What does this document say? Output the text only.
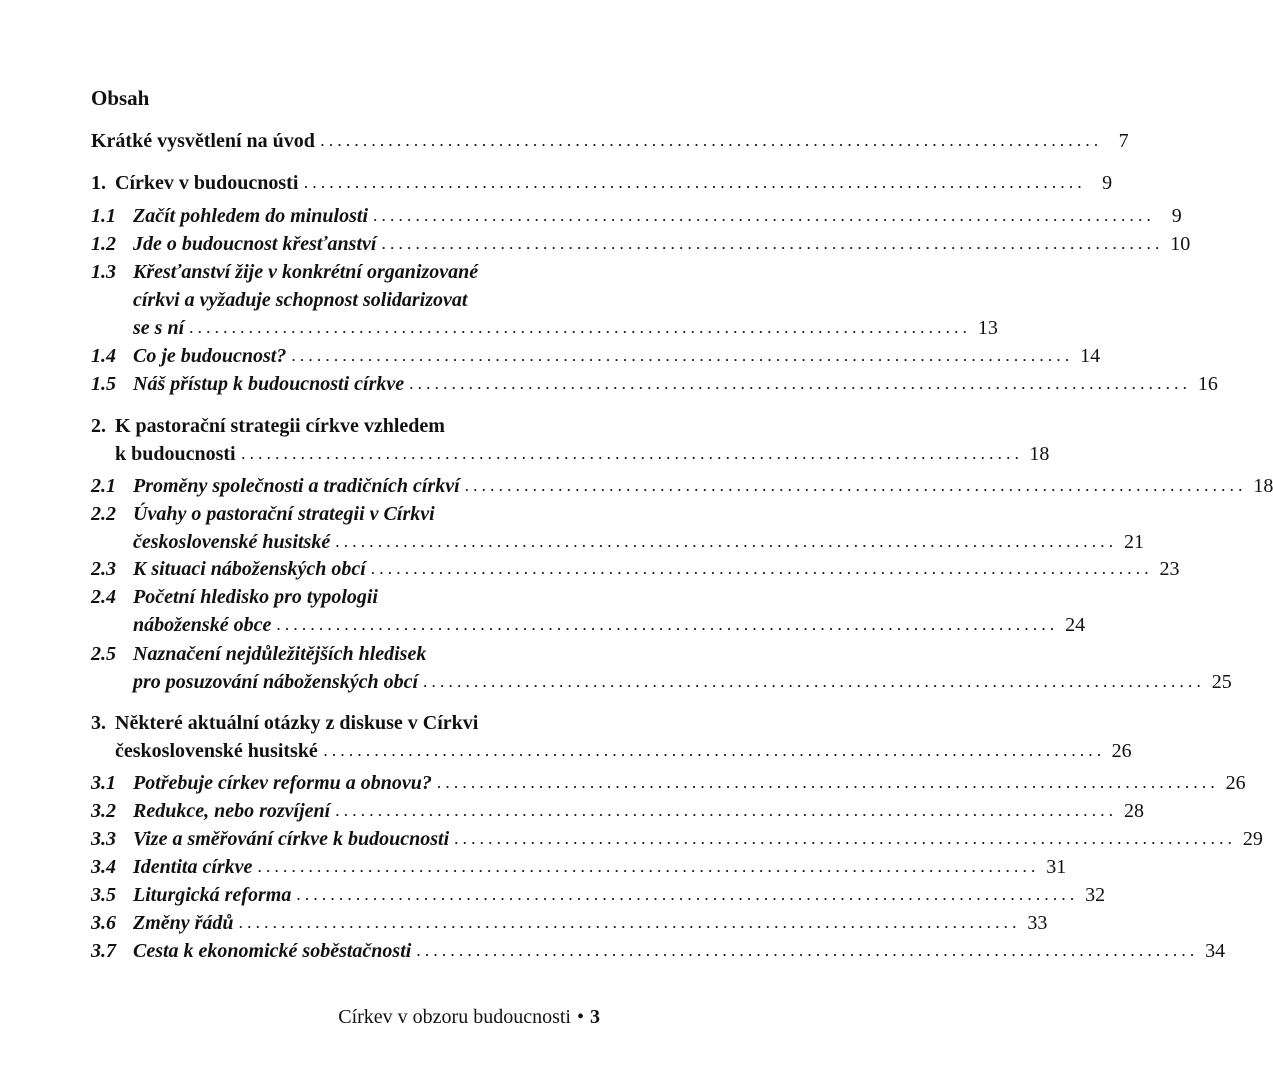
Obsah
Krátké vysvětlení na úvod . . . . . . . . . . . . . . . . . . . . . . . . . . . . . . . . . . . . . . . . . . . . . . . . . . . . . . . . . . . . . . . . . . . . . . . . . . . . . . . . . . . . . . . . . . . .	7
1. Církev v budoucnosti . . . . . . . . . . . . . . . . . . . . . . . . . . . . . . . . . . . . . . . . . . . . . . . . . . . . . . . . . . . . . . . . . . . . . . . . . . . . . . . . . . . . . . . . . . . .	9
1.1 Začít pohledem do minulosti . . . . . . . . . . . . . . . . . . . . . . . . . . . . . . . . . . . . . . . . . . . . . . . . . . . . . . . . . . . . . . . . . . . . . . . . . . . . . . . . . . . . . . . . . . . .	9
1.2 Jde o budoucnost křesťanství . . . . . . . . . . . . . . . . . . . . . . . . . . . . . . . . . . . . . . . . . . . . . . . . . . . . . . . . . . . . . . . . . . . . . . . . . . . . . . . . . . . . . . . . . . . . 10
1.3 Křesťanství žije v konkrétní organizované
církvi a vyžaduje schopnost solidarizovat
se s ní . . . . . . . . . . . . . . . . . . . . . . . . . . . . . . . . . . . . . . . . . . . . . . . . . . . . . . . . . . . . . . . . . . . . . . . . . . . . . . . . . . . . . . . . . . . . 13
1.4 Co je budoucnost? . . . . . . . . . . . . . . . . . . . . . . . . . . . . . . . . . . . . . . . . . . . . . . . . . . . . . . . . . . . . . . . . . . . . . . . . . . . . . . . . . . . . . . . . . . . . 14
1.5 Náš přístup k budoucnosti církve . . . . . . . . . . . . . . . . . . . . . . . . . . . . . . . . . . . . . . . . . . . . . . . . . . . . . . . . . . . . . . . . . . . . . . . . . . . . . . . . . . . . . . . . . . . . 16
2. K pastorační strategii církve vzhledem
k budoucnosti . . . . . . . . . . . . . . . . . . . . . . . . . . . . . . . . . . . . . . . . . . . . . . . . . . . . . . . . . . . . . . . . . . . . . . . . . . . . . . . . . . . . . . . . . . . . 18
2.1 Proměny společnosti a tradičních církví . . . . . . . . . . . . . . . . . . . . . . . . . . . . . . . . . . . . . . . . . . . . . . . . . . . . . . . . . . . . . . . . . . . . . . . . . . . . . . . . . . . . . . . . . . . . 18
2.2 Úvahy o pastorační strategii v Církvi
československé husitské . . . . . . . . . . . . . . . . . . . . . . . . . . . . . . . . . . . . . . . . . . . . . . . . . . . . . . . . . . . . . . . . . . . . . . . . . . . . . . . . . . . . . . . . . . . . 21
2.3 K situaci náboženských obcí . . . . . . . . . . . . . . . . . . . . . . . . . . . . . . . . . . . . . . . . . . . . . . . . . . . . . . . . . . . . . . . . . . . . . . . . . . . . . . . . . . . . . . . . . . . . 23
2.4 Početní hledisko pro typologii
náboženské obce . . . . . . . . . . . . . . . . . . . . . . . . . . . . . . . . . . . . . . . . . . . . . . . . . . . . . . . . . . . . . . . . . . . . . . . . . . . . . . . . . . . . . . . . . . . . 24
2.5 Naznačení nejdůležitějších hledisek
pro posuzování náboženských obcí . . . . . . . . . . . . . . . . . . . . . . . . . . . . . . . . . . . . . . . . . . . . . . . . . . . . . . . . . . . . . . . . . . . . . . . . . . . . . . . . . . . . . . . . . . . . 25
3. Některé aktuální otázky z diskuse v Církvi
československé husitské . . . . . . . . . . . . . . . . . . . . . . . . . . . . . . . . . . . . . . . . . . . . . . . . . . . . . . . . . . . . . . . . . . . . . . . . . . . . . . . . . . . . . . . . . . . . 26
3.1 Potřebuje církev reformu a obnovu? . . . . . . . . . . . . . . . . . . . . . . . . . . . . . . . . . . . . . . . . . . . . . . . . . . . . . . . . . . . . . . . . . . . . . . . . . . . . . . . . . . . . . . . . . . . . 26
3.2 Redukce, nebo rozvíjení . . . . . . . . . . . . . . . . . . . . . . . . . . . . . . . . . . . . . . . . . . . . . . . . . . . . . . . . . . . . . . . . . . . . . . . . . . . . . . . . . . . . . . . . . . . . 28
3.3 Vize a směřování církve k budoucnosti . . . . . . . . . . . . . . . . . . . . . . . . . . . . . . . . . . . . . . . . . . . . . . . . . . . . . . . . . . . . . . . . . . . . . . . . . . . . . . . . . . . . . . . . . . . . 29
3.4 Identita církve . . . . . . . . . . . . . . . . . . . . . . . . . . . . . . . . . . . . . . . . . . . . . . . . . . . . . . . . . . . . . . . . . . . . . . . . . . . . . . . . . . . . . . . . . . . . 31
3.5 Liturgická reforma . . . . . . . . . . . . . . . . . . . . . . . . . . . . . . . . . . . . . . . . . . . . . . . . . . . . . . . . . . . . . . . . . . . . . . . . . . . . . . . . . . . . . . . . . . . . 32
3.6 Změny řádů . . . . . . . . . . . . . . . . . . . . . . . . . . . . . . . . . . . . . . . . . . . . . . . . . . . . . . . . . . . . . . . . . . . . . . . . . . . . . . . . . . . . . . . . . . . . 33
3.7 Cesta k ekonomické soběstačnosti . . . . . . . . . . . . . . . . . . . . . . . . . . . . . . . . . . . . . . . . . . . . . . . . . . . . . . . . . . . . . . . . . . . . . . . . . . . . . . . . . . . . . . . . . . . . 34
Církev v obzoru budoucnosti • 3
